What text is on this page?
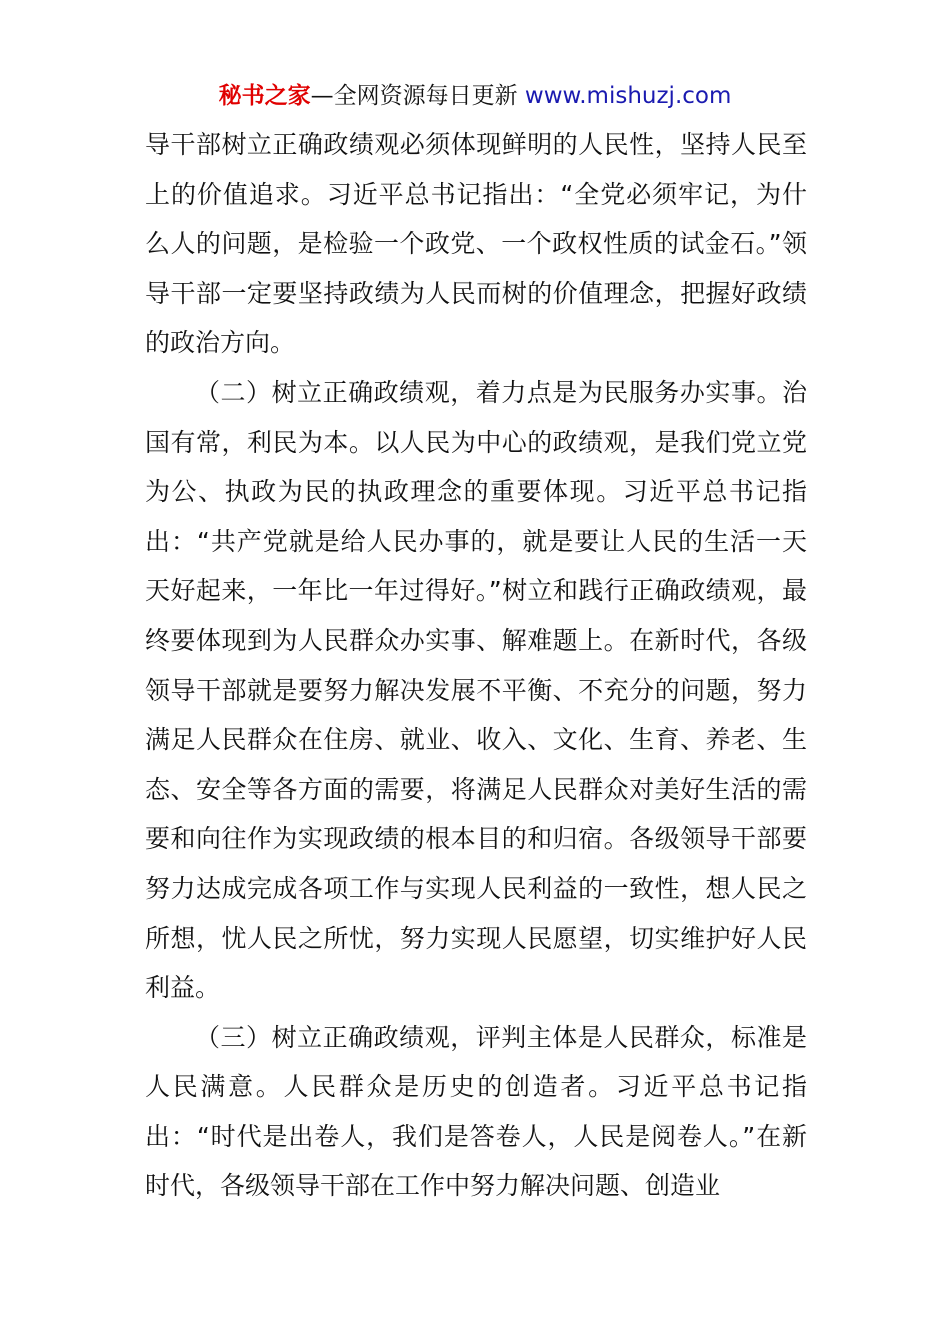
秘书之家—全网资源每日更新 www.mishuzj.com

导干部树立正确政绩观必须体现鲜明的人民性，坚持人民至上的价值追求。习近平总书记指出：“全党必须牢记，为什么人的问题，是检验一个政党、一个政权性质的试金石。”领导干部一定要坚持政绩为人民而树的价值理念，把握好政绩的政治方向。

（二）树立正确政绩观，着力点是为民服务办实事。治国有常，利民为本。以人民为中心的政绩观，是我们党立党为公、执政为民的执政理念的重要体现。习近平总书记指出：“共产党就是给人民办事的，就是要让人民的生活一天天好起来，一年比一年过得好。”树立和践行正确政绩观，最终要体现到为人民群众办实事、解难题上。在新时代，各级领导干部就是要努力解决发展不平衡、不充分的问题，努力满足人民群众在住房、就业、收入、文化、生育、养老、生态、安全等各方面的需要，将满足人民群众对美好生活的需要和向往作为实现政绩的根本目的和归宿。各级领导干部要努力达成完成各项工作与实现人民利益的一致性，想人民之所想，忧人民之所忧，努力实现人民愿望，切实维护好人民利益。

（三）树立正确政绩观，评判主体是人民群众，标准是人民满意。人民群众是历史的创造者。习近平总书记指出：“时代是出卷人，我们是答卷人，人民是阅卷人。”在新时代，各级领导干部在工作中努力解决问题、创造业
